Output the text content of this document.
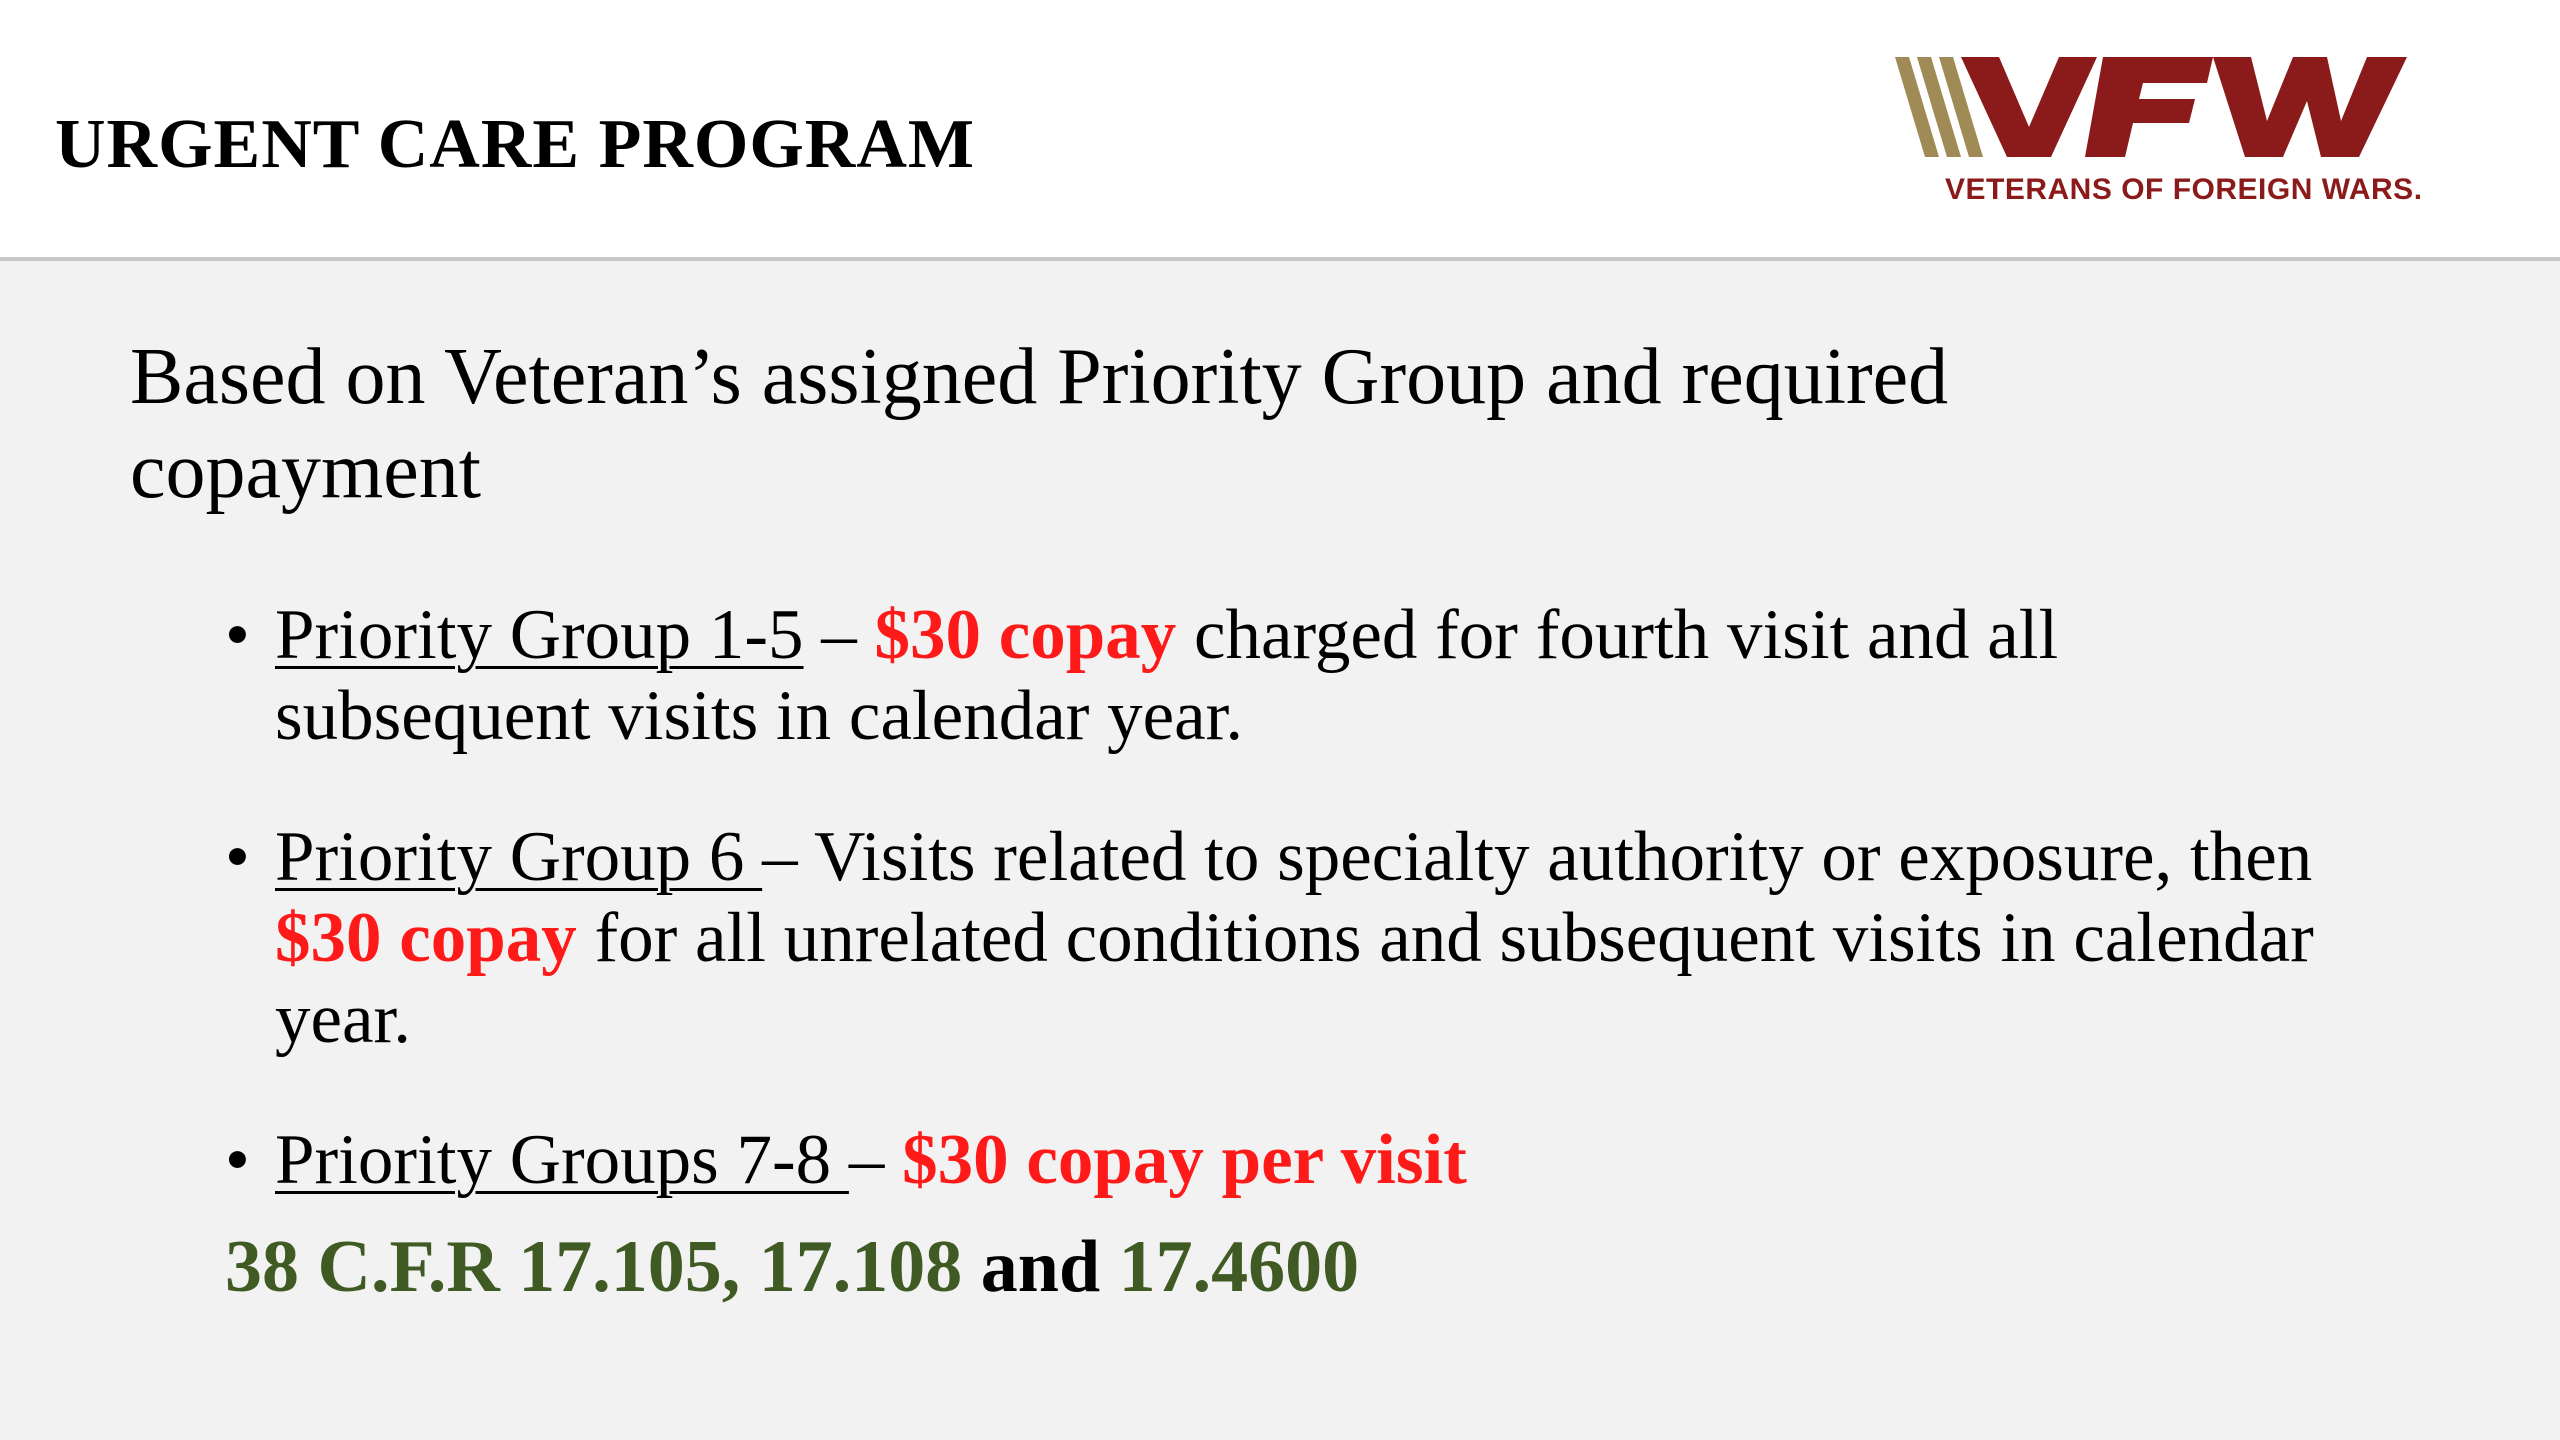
URGENT CARE PROGRAM
VETERANS OF FOREIGN WARS.
Based on Veteran’s assigned Priority Group and required copayment
• Priority Group 1-5 – $30 copay charged for fourth visit and all subsequent visits in calendar year.
• Priority Group 6 – Visits related to specialty authority or exposure, then $30 copay for all unrelated conditions and subsequent visits in calendar year.
• Priority Groups 7-8 – $30 copay per visit
38 C.F.R 17.105, 17.108 and 17.4600
